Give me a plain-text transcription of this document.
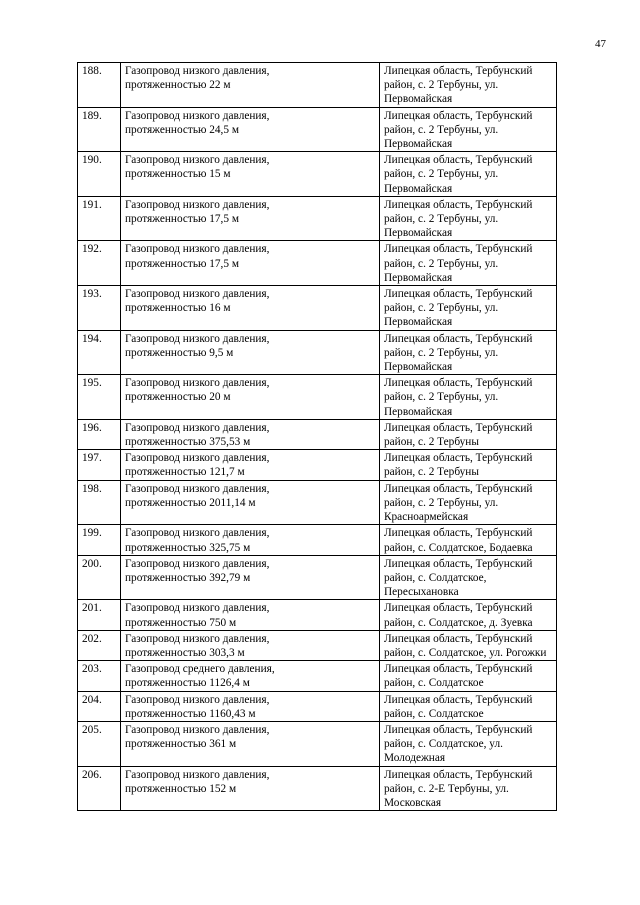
47
188.	Газопровод низкого давления,
протяженностью 22 м	Липецкая область, Тербунский
район, с. 2 Тербуны, ул.
Первомайская

189.	Газопровод низкого давления,
протяженностью 24,5 м	Липецкая область, Тербунский
район, с. 2 Тербуны, ул.
Первомайская

190.	Газопровод низкого давления,
протяженностью 15 м	Липецкая область, Тербунский
район, с. 2 Тербуны, ул.
Первомайская

191.	Газопровод низкого давления,
протяженностью 17,5 м	Липецкая область, Тербунский
район, с. 2 Тербуны, ул.
Первомайская

192.	Газопровод низкого давления,
протяженностью 17,5 м	Липецкая область, Тербунский
район, с. 2 Тербуны, ул.
Первомайская

193.	Газопровод низкого давления,
протяженностью 16 м	Липецкая область, Тербунский
район, с. 2 Тербуны, ул.
Первомайская

194.	Газопровод низкого давления,
протяженностью 9,5 м	Липецкая область, Тербунский
район, с. 2 Тербуны, ул.
Первомайская

195.	Газопровод низкого давления,
протяженностью 20 м	Липецкая область, Тербунский
район, с. 2 Тербуны, ул.
Первомайская

196.	Газопровод низкого давления,
протяженностью 375,53 м	Липецкая область, Тербунский
район, с. 2 Тербуны

197.	Газопровод низкого давления,
протяженностью 121,7 м	Липецкая область, Тербунский
район, с. 2 Тербуны

198.	Газопровод низкого давления,
протяженностью 2011,14 м	Липецкая область, Тербунский
район, с. 2 Тербуны, ул.
Красноармейская

199.	Газопровод низкого давления,
протяженностью 325,75 м	Липецкая область, Тербунский
район, с. Солдатское, Бодаевка

200.	Газопровод низкого давления,
протяженностью 392,79 м	Липецкая область, Тербунский
район, с. Солдатское,
Пересыхановка

201.	Газопровод низкого давления,
протяженностью 750 м	Липецкая область, Тербунский
район, с. Солдатское, д. Зуевка

202.	Газопровод низкого давления,
протяженностью 303,3 м	Липецкая область, Тербунский
район, с. Солдатское, ул. Рогожки

203.	Газопровод среднего давления,
протяженностью 1126,4 м	Липецкая область, Тербунский
район, с. Солдатское

204.	Газопровод низкого давления,
протяженностью 1160,43 м	Липецкая область, Тербунский
район, с. Солдатское

205.	Газопровод низкого давления,
протяженностью 361 м	Липецкая область, Тербунский
район, с. Солдатское, ул.
Молодежная

206.	Газопровод низкого давления,
протяженностью 152 м	Липецкая область, Тербунский
район, с. 2-Е Тербуны, ул.
Московская
